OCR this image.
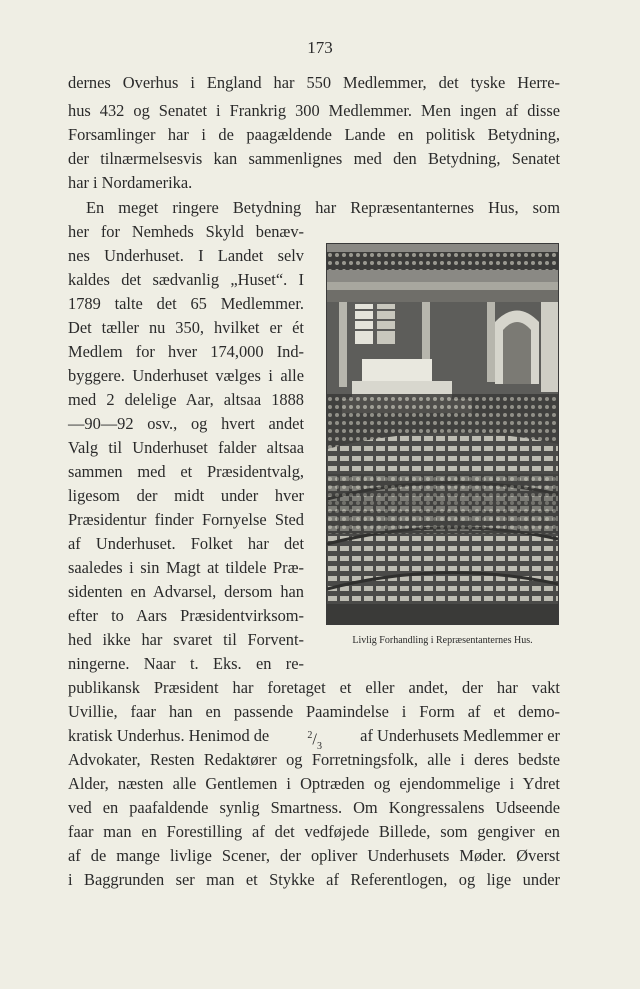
173
dernes Overhus i England har 550 Medlemmer, det tyske Herre-
hus 432 og Senatet i Frankrig 300 Medlemmer. Men ingen af disse
Forsamlinger har i de paagældende Lande en politisk Betydning,
der tilnærmelsesvis kan sammenlignes med den Betydning, Senatet
har i Nordamerika.
En meget ringere Betydning har Repræsentanternes Hus, som
her for Nemheds Skyld benæv-
nes Underhuset. I Landet selv
kaldes det sædvanlig „Huset“. I
1789 talte det 65 Medlemmer.
Det tæller nu 350, hvilket er ét
Medlem for hver 174,000 Ind-
byggere. Underhuset vælges i alle
med 2 delelige Aar, altsaa 1888
—90—92 osv., og hvert andet
Valg til Underhuset falder altsaa
sammen med et Præsidentvalg,
ligesom der midt under hver
Præsidentur finder Fornyelse Sted
af Underhuset. Folket har det
saaledes i sin Magt at tildele Præ-
sidenten en Advarsel, dersom han
efter to Aars Præsidentvirksom-
hed ikke har svaret til Forvent-
ningerne. Naar t. Eks. en re-
Livlig Forhandling i Repræsentanternes Hus.
publikansk Præsident har foretaget et eller andet, der har vakt
Uvillie, faar han en passende Paamindelse i Form af et demo-
kratisk Underhus. Henimod de	$^2/_3$
af Underhusets Medlemmer er
Advokater, Resten Redaktører og Forretningsfolk, alle i deres bedste
Alder, næsten alle Gentlemen i Optræden og ejendommelige i Ydret
ved en paafaldende synlig Smartness. Om Kongressalens Udseende
faar man en Forestilling af det vedføjede Billede, som gengiver en
af de mange livlige Scener, der opliver Underhusets Møder. Øverst
i Baggrunden ser man et Stykke af Referentlogen, og lige under
